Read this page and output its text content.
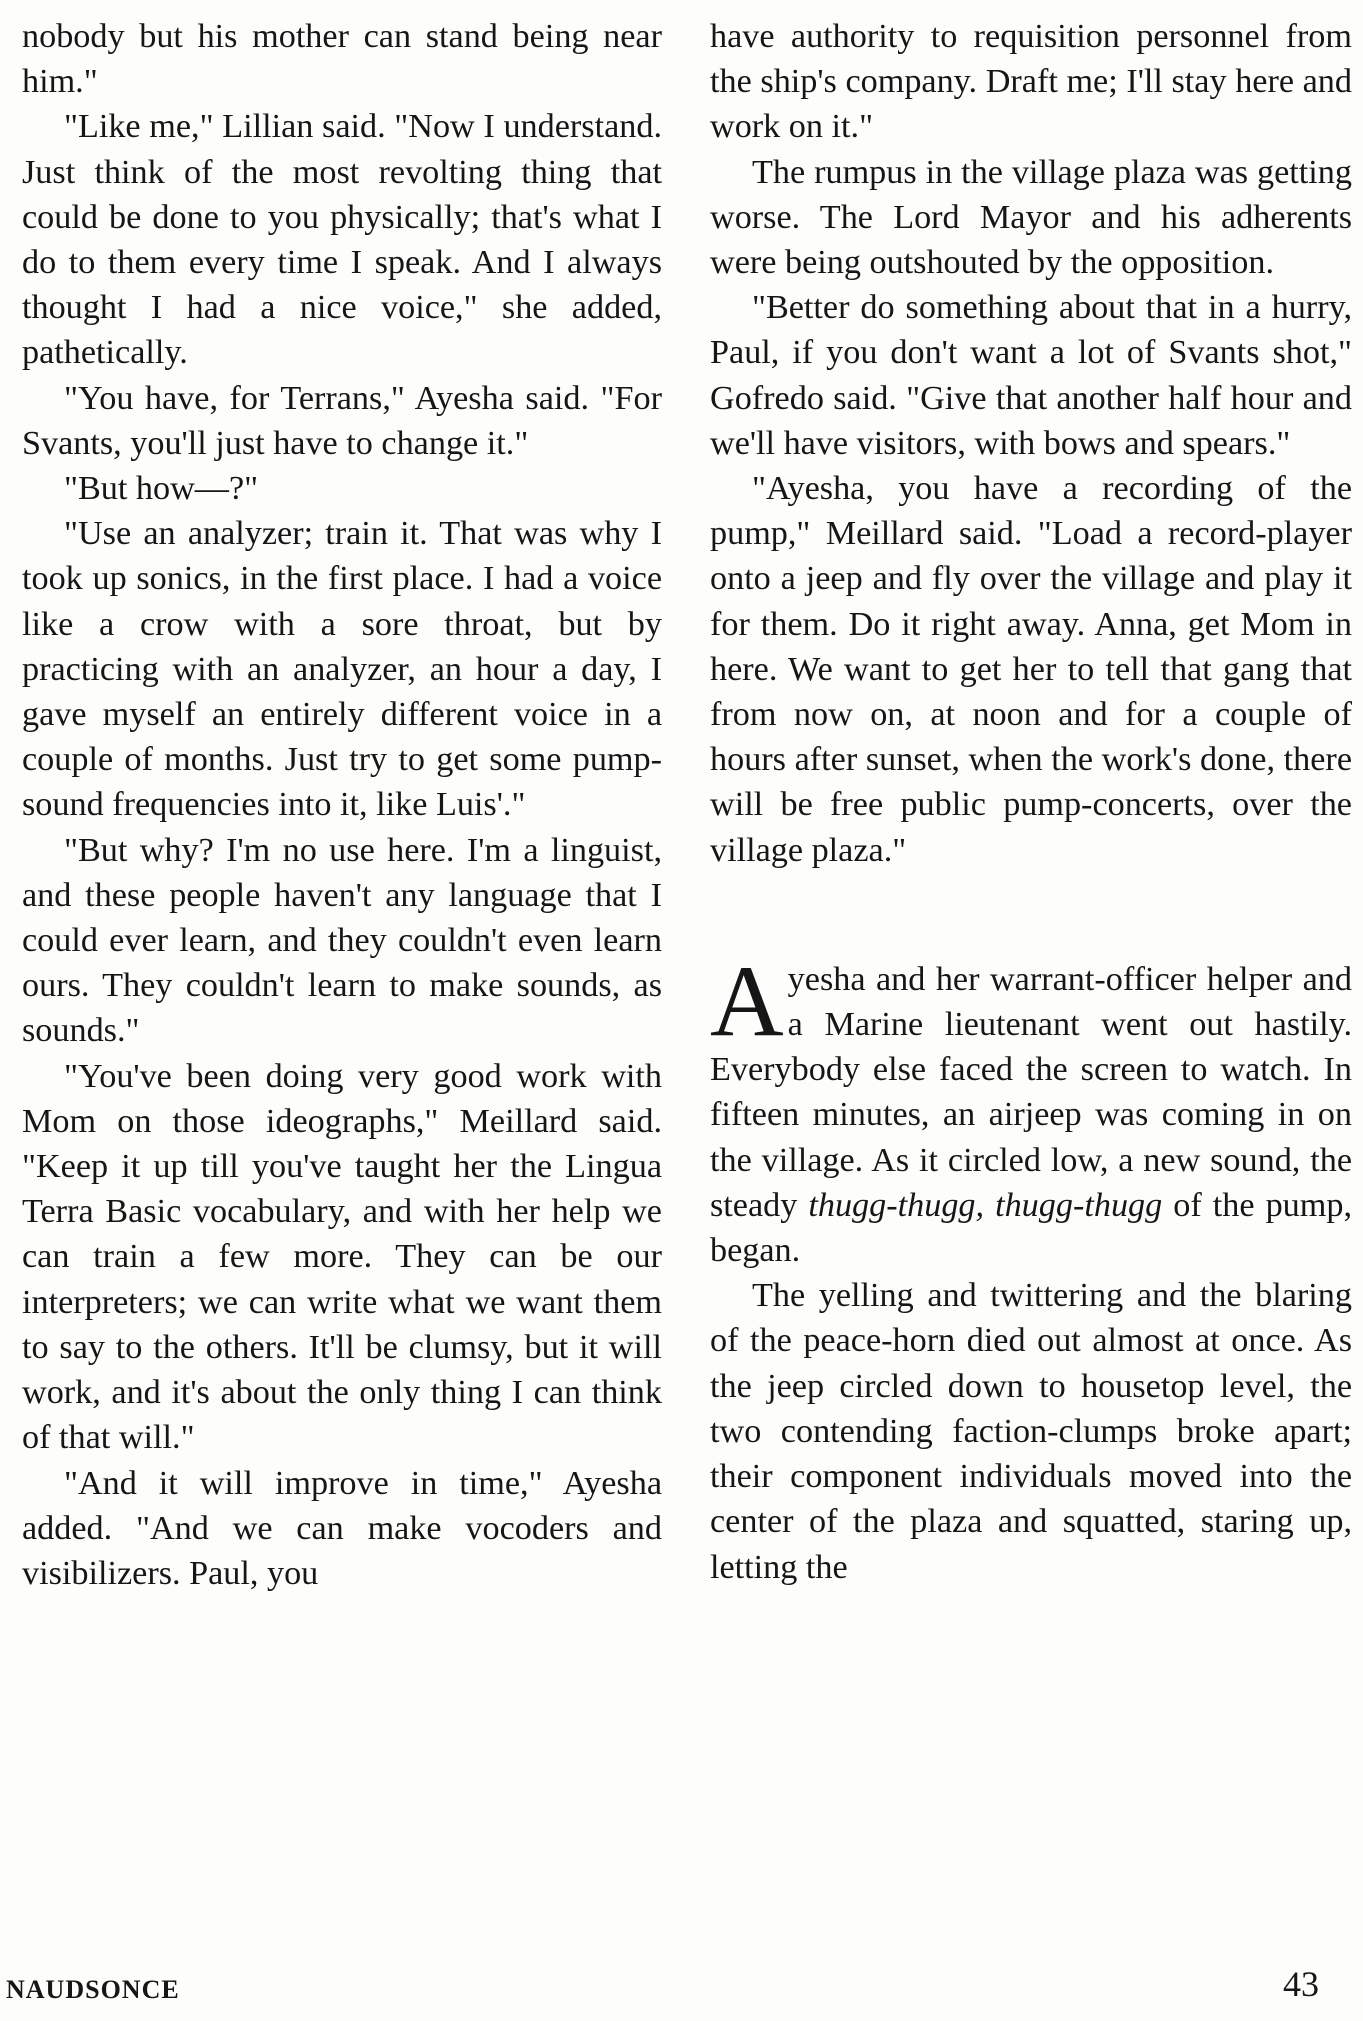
nobody but his mother can stand being near him."

"Like me," Lillian said. "Now I understand. Just think of the most revolting thing that could be done to you physically; that's what I do to them every time I speak. And I always thought I had a nice voice," she added, pathetically.

"You have, for Terrans," Ayesha said. "For Svants, you'll just have to change it."

"But how—?"

"Use an analyzer; train it. That was why I took up sonics, in the first place. I had a voice like a crow with a sore throat, but by practicing with an analyzer, an hour a day, I gave myself an entirely different voice in a couple of months. Just try to get some pump-sound frequencies into it, like Luis'."

"But why? I'm no use here. I'm a linguist, and these people haven't any language that I could ever learn, and they couldn't even learn ours. They couldn't learn to make sounds, as sounds."

"You've been doing very good work with Mom on those ideographs," Meillard said. "Keep it up till you've taught her the Lingua Terra Basic vocabulary, and with her help we can train a few more. They can be our interpreters; we can write what we want them to say to the others. It'll be clumsy, but it will work, and it's about the only thing I can think of that will."

"And it will improve in time," Ayesha added. "And we can make vocoders and visibilizers. Paul, you

have authority to requisition personnel from the ship's company. Draft me; I'll stay here and work on it."

The rumpus in the village plaza was getting worse. The Lord Mayor and his adherents were being outshouted by the opposition.

"Better do something about that in a hurry, Paul, if you don't want a lot of Svants shot," Gofredo said. "Give that another half hour and we'll have visitors, with bows and spears."

"Ayesha, you have a recording of the pump," Meillard said. "Load a record-player onto a jeep and fly over the village and play it for them. Do it right away. Anna, get Mom in here. We want to get her to tell that gang that from now on, at noon and for a couple of hours after sunset, when the work's done, there will be free public pump-concerts, over the village plaza."

Ayesha and her warrant-officer helper and a Marine lieutenant went out hastily. Everybody else faced the screen to watch. In fifteen minutes, an airjeep was coming in on the village. As it circled low, a new sound, the steady thugg-thugg, thugg-thugg of the pump, began.

The yelling and twittering and the blaring of the peace-horn died out almost at once. As the jeep circled down to housetop level, the two contending faction-clumps broke apart; their component individuals moved into the center of the plaza and squatted, staring up, letting the

NAUDSONCE	43
